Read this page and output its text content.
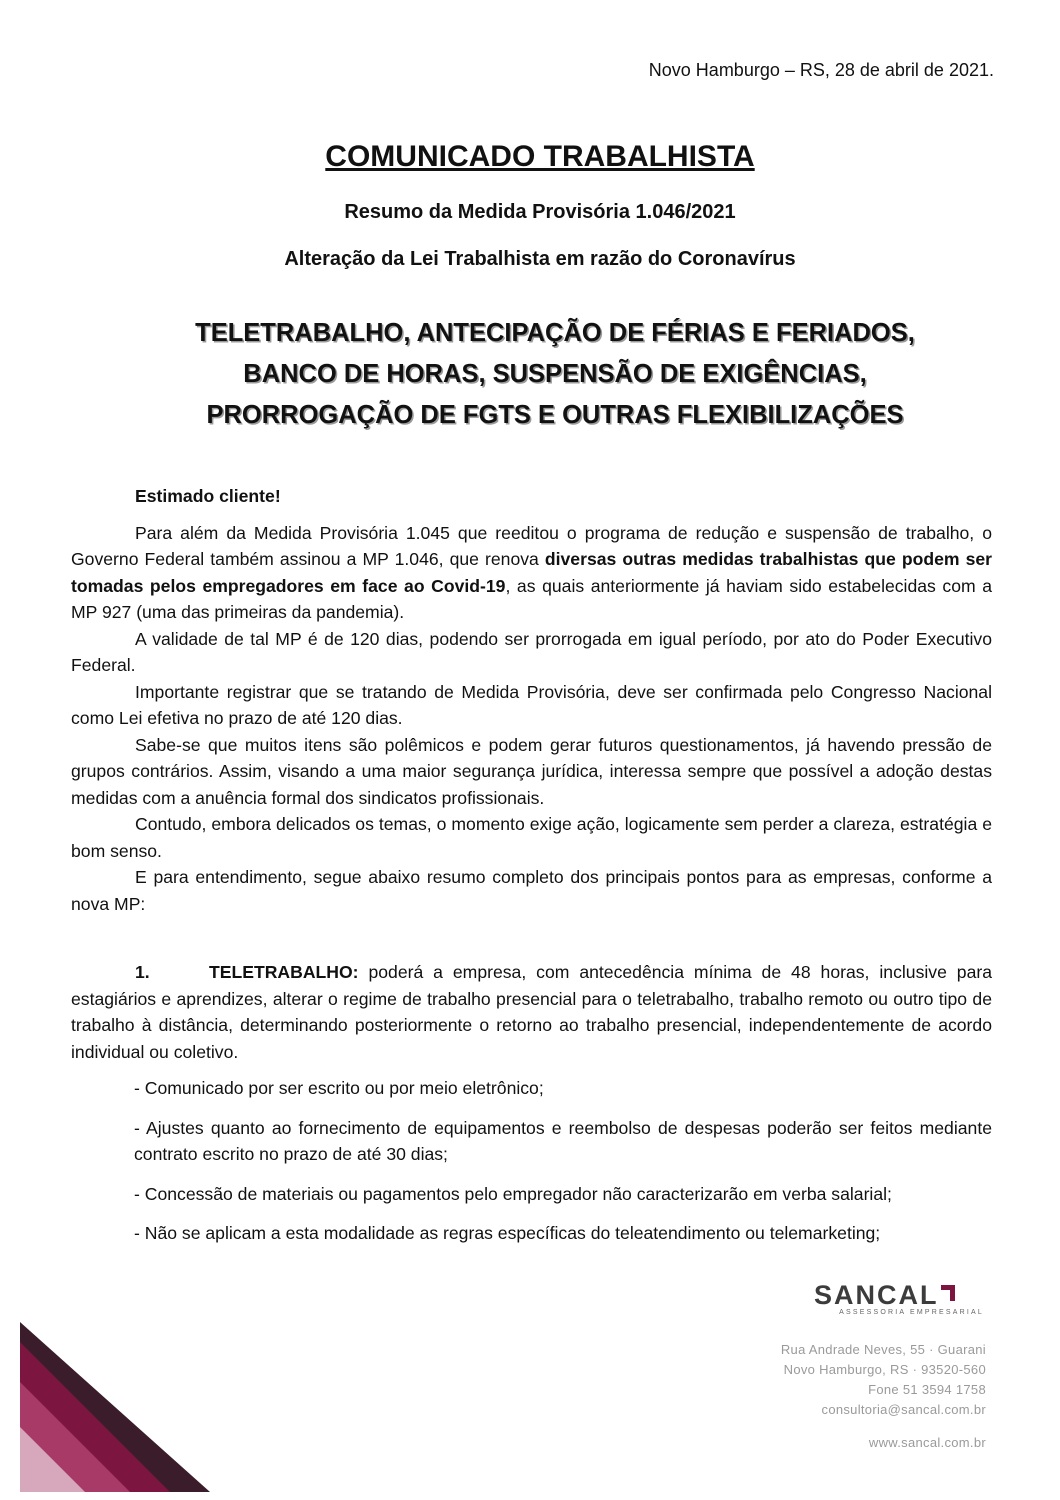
Novo Hamburgo – RS, 28 de abril de 2021.
COMUNICADO TRABALHISTA
Resumo da Medida Provisória 1.046/2021
Alteração da Lei Trabalhista em razão do Coronavírus
TELETRABALHO, ANTECIPAÇÃO DE FÉRIAS E FERIADOS,
BANCO DE HORAS, SUSPENSÃO DE EXIGÊNCIAS,
PRORROGAÇÃO DE FGTS E OUTRAS FLEXIBILIZAÇÕES
Estimado cliente!

Para além da Medida Provisória 1.045 que reeditou o programa de redução e suspensão de trabalho, o Governo Federal também assinou a MP 1.046, que renova diversas outras medidas trabalhistas que podem ser tomadas pelos empregadores em face ao Covid-19, as quais anteriormente já haviam sido estabelecidas com a MP 927 (uma das primeiras da pandemia).

A validade de tal MP é de 120 dias, podendo ser prorrogada em igual período, por ato do Poder Executivo Federal.

Importante registrar que se tratando de Medida Provisória, deve ser confirmada pelo Congresso Nacional como Lei efetiva no prazo de até 120 dias.

Sabe-se que muitos itens são polêmicos e podem gerar futuros questionamentos, já havendo pressão de grupos contrários. Assim, visando a uma maior segurança jurídica, interessa sempre que possível a adoção destas medidas com a anuência formal dos sindicatos profissionais.

Contudo, embora delicados os temas, o momento exige ação, logicamente sem perder a clareza, estratégia e bom senso.

E para entendimento, segue abaixo resumo completo dos principais pontos para as empresas, conforme a nova MP:

1.	TELETRABALHO: poderá a empresa, com antecedência mínima de 48 horas, inclusive para estagiários e aprendizes, alterar o regime de trabalho presencial para o teletrabalho, trabalho remoto ou outro tipo de trabalho à distância, determinando posteriormente o retorno ao trabalho presencial, independentemente de acordo individual ou coletivo.
- Comunicado por ser escrito ou por meio eletrônico;
- Ajustes quanto ao fornecimento de equipamentos e reembolso de despesas poderão ser feitos mediante contrato escrito no prazo de até 30 dias;
- Concessão de materiais ou pagamentos pelo empregador não caracterizarão em verba salarial;
- Não se aplicam a esta modalidade as regras específicas do teleatendimento ou telemarketing;
SANCAL
ASSESSORIA EMPRESARIAL
Rua Andrade Neves, 55 · Guarani
Novo Hamburgo, RS · 93520-560
Fone 51 3594 1758
consultoria@sancal.com.br
www.sancal.com.br
